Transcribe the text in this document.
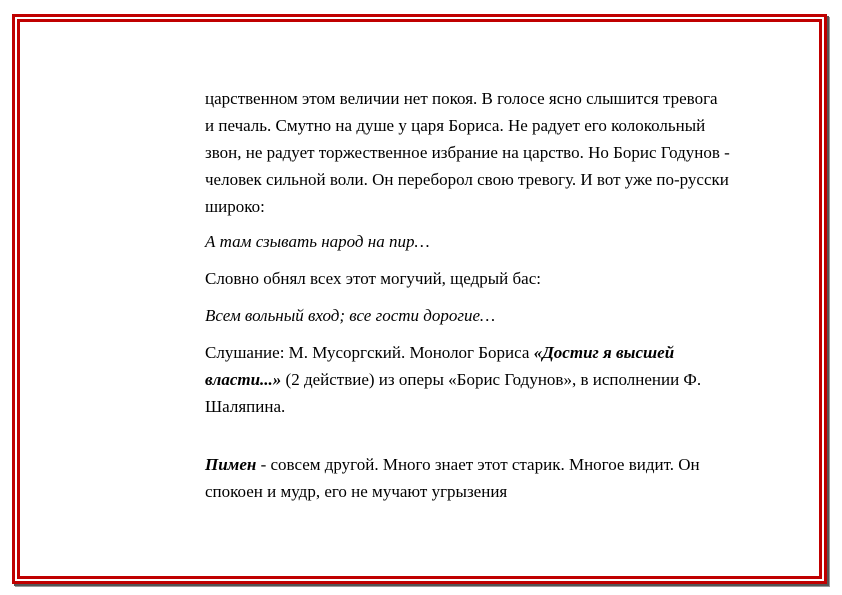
царственном этом величии нет покоя. В голосе ясно слышится тревога и печаль. Смутно на душе у царя Бориса. Не радует его колокольный звон, не радует торжественное избрание на царство. Но Борис Годунов - человек сильной воли. Он переборол свою тревогу. И вот уже по-русски широко:

А там сзывать народ на пир…

Словно обнял всех этот могучий, щедрый бас:

Всем вольный вход; все гости дорогие…

Слушание: М. Мусоргский. Монолог Бориса «Достиг я высшей власти...» (2 действие) из оперы «Борис Годунов», в исполнении Ф. Шаляпина.

Пимен - совсем другой. Много знает этот старик. Многое видит. Он спокоен и мудр, его не мучают угрызения
